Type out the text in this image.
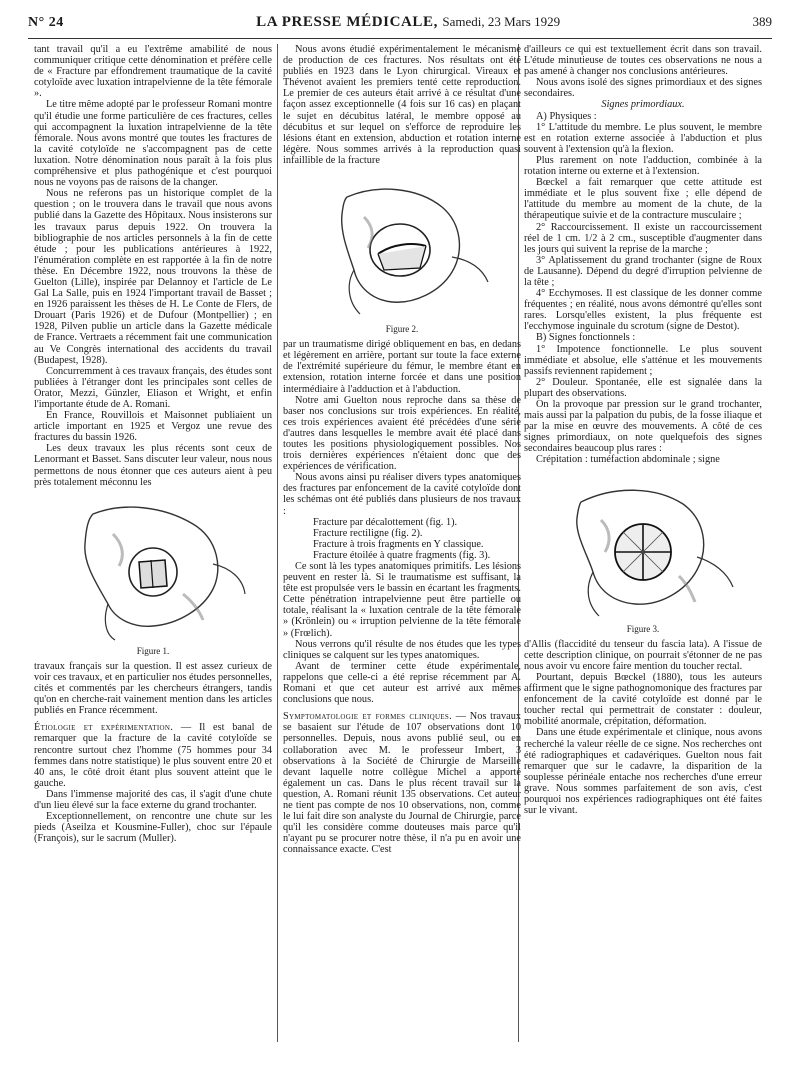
N° 24	LA PRESSE MÉDICALE, Samedi, 23 Mars 1929	389

tant travail qu'il a eu l'extrême amabilité de nous communiquer critique cette dénomination et préfère celle de « Fracture par effondrement traumatique de la cavité cotyloïde avec luxation intrapelvienne de la tête fémorale ».

Le titre même adopté par le professeur Romani montre qu'il étudie une forme particulière de ces fractures, celles qui accompagnent la luxation intrapelvienne de la tête fémorale. Nous avons montré que toutes les fractures de la cavité cotyloïde ne s'accompagnent pas de cette luxation. Notre dénomination nous paraît à la fois plus compréhensive et plus pathogénique et c'est pourquoi nous ne voyons pas de raisons de la changer.

Nous ne referons pas un historique complet de la question ; on le trouvera dans le travail que nous avons publié dans la Gazette des Hôpitaux. Nous insisterons sur les travaux parus depuis 1922. On trouvera la bibliographie de nos articles personnels à la fin de cette étude ; pour les publications antérieures à 1922, l'énumération complète en est rapportée à la fin de notre thèse. En Décembre 1922, nous trouvons la thèse de Guelton (Lille), inspirée par Delannoy et l'article de Le Gal La Salle, puis en 1924 l'important travail de Basset ; en 1926 paraissent les thèses de H. Le Conte de Flers, de Drouart (Paris 1926) et de Dufour (Montpellier) ; en 1928, Pilven publie un article dans la Gazette médicale de France. Vertraets a récemment fait une communication au Ve Congrès international des accidents du travail (Budapest, 1928).

Concurremment à ces travaux français, des études sont publiées à l'étranger dont les principales sont celles de Orator, Mezzi, Günzler, Eliason et Wright, et enfin l'importante étude de A. Romani.

En France, Rouvillois et Maisonnet publiaient un article important en 1925 et Vergoz une revue des fractures du bassin 1926.

Les deux travaux les plus récents sont ceux de Lenormant et Basset. Sans discuter leur valeur, nous nous permettons de nous étonner que ces auteurs aient à peu près totalement méconnu les

Figure 1.

travaux français sur la question. Il est assez curieux de voir ces travaux, et en particulier nos études personnelles, cités et commentés par les chercheurs étrangers, tandis qu'on en cherche-rait vainement mention dans les articles publiés en France récemment.

Étiologie et expérimentation. — Il est banal de remarquer que la fracture de la cavité cotyloïde se rencontre surtout chez l'homme (75 hommes pour 34 femmes dans notre statistique) le plus souvent entre 20 et 40 ans, le côté droit étant plus souvent atteint que le gauche.

Dans l'immense majorité des cas, il s'agit d'une chute d'un lieu élevé sur la face externe du grand trochanter.

Exceptionnellement, on rencontre une chute sur les pieds (Aseilza et Kousmine-Fuller), choc sur l'épaule (François), sur le sacrum (Muller).

Nous avons étudié expérimentalement le mécanisme de production de ces fractures. Nos résultats ont été publiés en 1923 dans le Lyon chirurgical. Vireaux et Thévenot avaient les premiers tenté cette reproduction. Le premier de ces auteurs était arrivé à ce résultat d'une façon assez exceptionnelle (4 fois sur 16 cas) en plaçant le sujet en décubitus latéral, le membre opposé au décubitus et sur lequel on s'efforce de reproduire les lésions étant en extension, abduction et rotation interne légère. Nous sommes arrivés à la reproduction quasi infaillible de la fracture

Figure 2.

par un traumatisme dirigé obliquement en bas, en dedans et légèrement en arrière, portant sur toute la face externe de l'extrémité supérieure du fémur, le membre étant en extension, rotation interne forcée et dans une position intermédiaire à l'adduction et à l'abduction.

Notre ami Guelton nous reproche dans sa thèse de baser nos conclusions sur trois expériences. En réalité, ces trois expériences avaient été précédées d'une série d'autres dans lesquelles le membre avait été placé dans toutes les positions physiologiquement possibles. Nos trois dernières expériences n'étaient donc que des expériences de vérification.

Nous avons ainsi pu réaliser divers types anatomiques des fractures par enfoncement de la cavité cotyloïde dont les schémas ont été publiés dans plusieurs de nos travaux :

Fracture par décalottement (fig. 1).

Fracture rectiligne (fig. 2).

Fracture à trois fragments en Y classique.

Fracture étoilée à quatre fragments (fig. 3).

Ce sont là les types anatomiques primitifs. Les lésions peuvent en rester là. Si le traumatisme est suffisant, la tête est propulsée vers le bassin en écartant les fragments. Cette pénétration intrapelvienne peut être partielle ou totale, réalisant la « luxation centrale de la tête fémorale » (Krönlein) ou « irruption pelvienne de la tête fémorale » (Frœlich).

Nous verrons qu'il résulte de nos études que les types cliniques se calquent sur les types anatomiques.

Avant de terminer cette étude expérimentale, rappelons que celle-ci a été reprise récemment par A. Romani et que cet auteur est arrivé aux mêmes conclusions que nous.

Symptomatologie et formes cliniques. — Nos travaux se basaient sur l'étude de 107 observations dont 10 personnelles. Depuis, nous avons publié seul, ou en collaboration avec M. le professeur Imbert, 3 observations à la Société de Chirurgie de Marseille devant laquelle notre collègue Michel a apporté également un cas. Dans le plus récent travail sur la question, A. Romani réunit 135 observations. Cet auteur ne tient pas compte de nos 10 observations, non, comme le lui fait dire son analyste du Journal de Chirurgie, parce qu'il les considère comme douteuses mais parce qu'il n'ayant pu se procurer notre thèse, il n'a pu en avoir une connaissance exacte. C'est

d'ailleurs ce qui est textuellement écrit dans son travail. L'étude minutieuse de toutes ces observations ne nous a pas amené à changer nos conclusions antérieures.

Nous avons isolé des signes primordiaux et des signes secondaires.

Signes primordiaux.

A) Physiques :

1° L'attitude du membre. Le plus souvent, le membre est en rotation externe associée à l'abduction et plus souvent à l'extension qu'à la flexion.

Plus rarement on note l'adduction, combinée à la rotation interne ou externe et à l'extension.

Bœckel a fait remarquer que cette attitude est immédiate et le plus souvent fixe ; elle dépend de l'attitude du membre au moment de la chute, de la thérapeutique suivie et de la contracture musculaire ;

2° Raccourcissement. Il existe un raccourcissement réel de 1 cm. 1/2 à 2 cm., susceptible d'augmenter dans les jours qui suivent la reprise de la marche ;

3° Aplatissement du grand trochanter (signe de Roux de Lausanne). Dépend du degré d'irruption pelvienne de la tête ;

4° Ecchymoses. Il est classique de les donner comme fréquentes ; en réalité, nous avons démontré qu'elles sont rares. Lorsqu'elles existent, la plus fréquente est l'ecchymose inguinale du scrotum (signe de Destot).

B) Signes fonctionnels :

1° Impotence fonctionnelle. Le plus souvent immédiate et absolue, elle s'atténue et les mouvements passifs reviennent rapidement ;

2° Douleur. Spontanée, elle est signalée dans la plupart des observations.

On la provoque par pression sur le grand trochanter, mais aussi par la palpation du pubis, de la fosse iliaque et par la mise en œuvre des mouvements. A côté de ces signes primordiaux, on note quelquefois des signes secondaires beaucoup plus rares :

Crépitation : tuméfaction abdominale ; signe

Figure 3.

d'Allis (flaccidité du tenseur du fascia lata). A l'issue de cette description clinique, on pourrait s'étonner de ne pas nous avoir vu encore faire mention du toucher rectal.

Pourtant, depuis Bœckel (1880), tous les auteurs affirment que le signe pathognomonique des fractures par enfoncement de la cavité cotyloïde est donné par le toucher rectal qui permettrait de constater : douleur, mobilité anormale, crépitation, déformation.

Dans une étude expérimentale et clinique, nous avons recherché la valeur réelle de ce signe. Nos recherches ont été radiographiques et cadavériques. Guelton nous fait remarquer que sur le cadavre, la disparition de la souplesse périnéale entache nos recherches d'une erreur grave. Nous sommes parfaitement de son avis, c'est pourquoi nos expériences radiographiques ont été faites sur le vivant.
